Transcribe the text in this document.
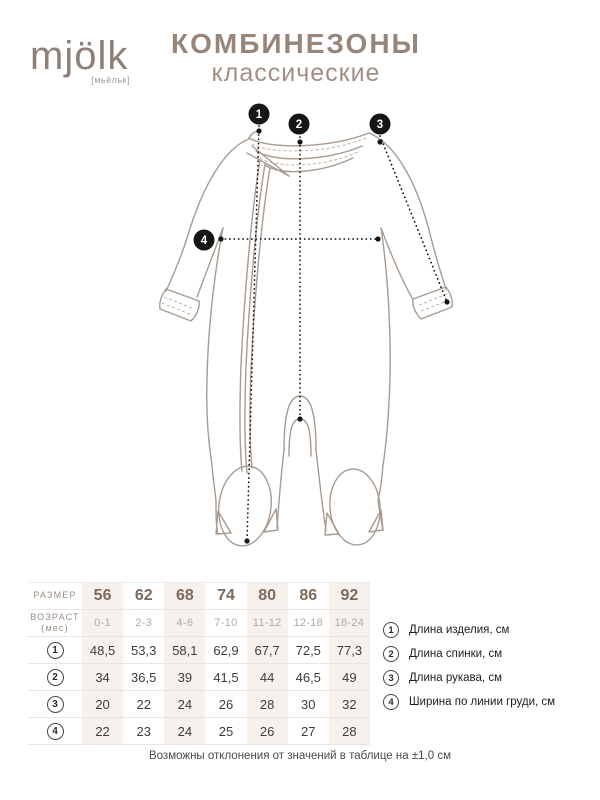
mjölk
[мьёльк]
КОМБИНЕЗОНЫ
классические
1
2	3
4
РАЗМЕР 56 62 68 74 80 86 92
ВОЗРАСТ
(мес)	0-1 2-3 4-6 7-10 11-12 12-18 18-24
1	48,5 53,3 58,1 62,9 67,7 72,5 77,3
2	34 36,5 39 41,5 44 46,5 49
3	20 22 24 26 28 30 32
4	22 23 24 25 26 27 28
1	Длина изделия, см
2	Длина спинки, см
3	Длина рукава, см
4	Ширина по линии груди, см
Возможны отклонения от значений в таблице на ±1,0 см
